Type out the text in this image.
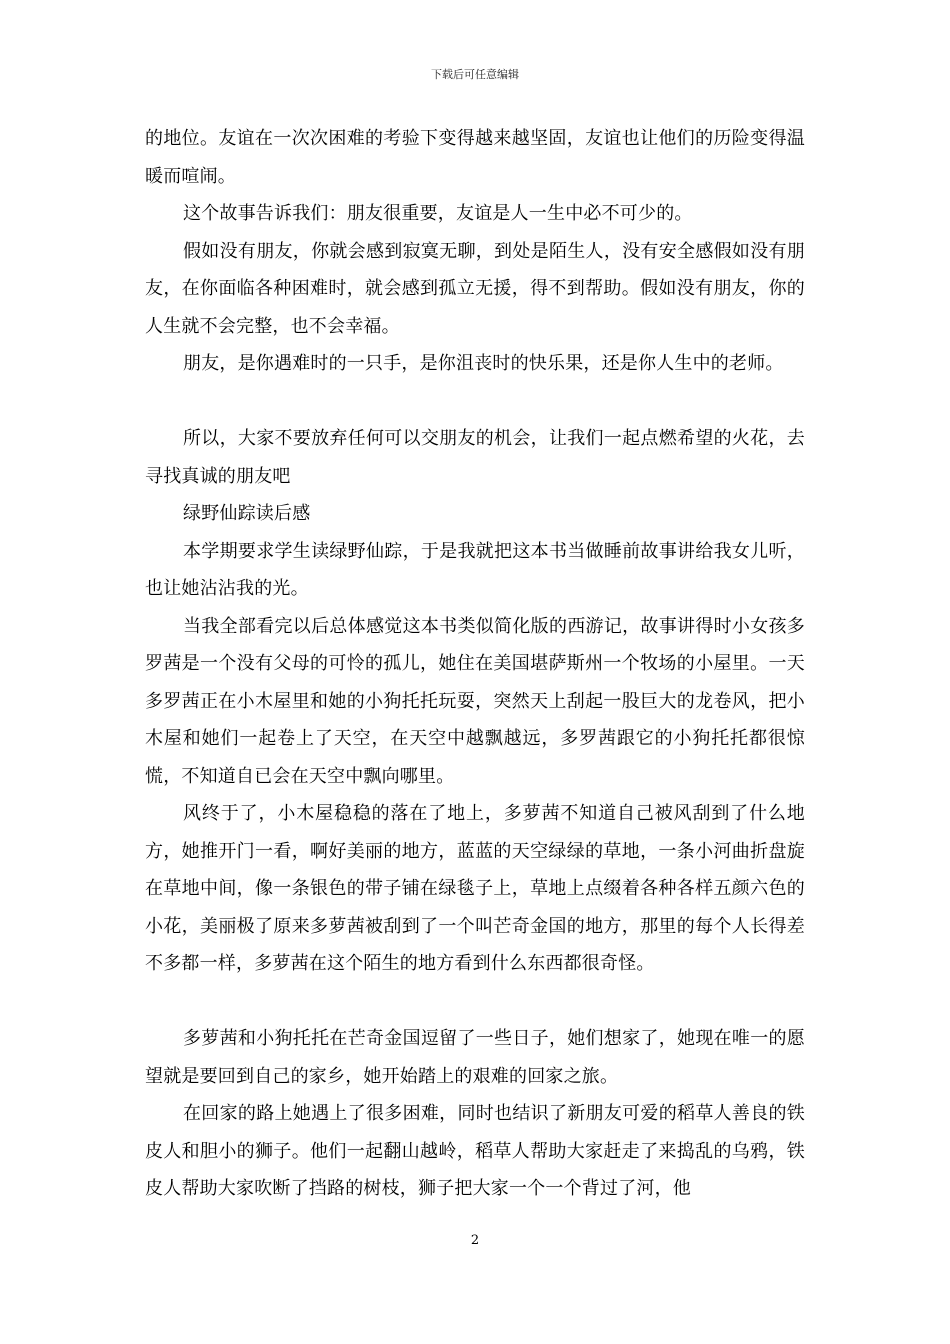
下载后可任意编辑

的地位。友谊在一次次困难的考验下变得越来越坚固，友谊也让他们的历险变得温暖而喧闹。

这个故事告诉我们：朋友很重要，友谊是人一生中必不可少的。

假如没有朋友，你就会感到寂寞无聊，到处是陌生人，没有安全感假如没有朋友，在你面临各种困难时，就会感到孤立无援，得不到帮助。假如没有朋友，你的人生就不会完整，也不会幸福。

朋友，是你遇难时的一只手，是你沮丧时的快乐果，还是你人生中的老师。

所以，大家不要放弃任何可以交朋友的机会，让我们一起点燃希望的火花，去寻找真诚的朋友吧

绿野仙踪读后感

本学期要求学生读绿野仙踪，于是我就把这本书当做睡前故事讲给我女儿听，也让她沾沾我的光。

当我全部看完以后总体感觉这本书类似简化版的西游记，故事讲得时小女孩多罗茜是一个没有父母的可怜的孤儿，她住在美国堪萨斯州一个牧场的小屋里。一天多罗茜正在小木屋里和她的小狗托托玩耍，突然天上刮起一股巨大的龙卷风，把小木屋和她们一起卷上了天空，在天空中越飘越远，多罗茜跟它的小狗托托都很惊慌，不知道自已会在天空中飘向哪里。

风终于了，小木屋稳稳的落在了地上，多萝茜不知道自己被风刮到了什么地方，她推开门一看，啊好美丽的地方，蓝蓝的天空绿绿的草地，一条小河曲折盘旋在草地中间，像一条银色的带子铺在绿毯子上，草地上点缀着各种各样五颜六色的小花，美丽极了原来多萝茜被刮到了一个叫芒奇金国的地方，那里的每个人长得差不多都一样，多萝茜在这个陌生的地方看到什么东西都很奇怪。

多萝茜和小狗托托在芒奇金国逗留了一些日子，她们想家了，她现在唯一的愿望就是要回到自己的家乡，她开始踏上的艰难的回家之旅。

在回家的路上她遇上了很多困难，同时也结识了新朋友可爱的稻草人善良的铁皮人和胆小的狮子。他们一起翻山越岭，稻草人帮助大家赶走了来捣乱的乌鸦，铁皮人帮助大家吹断了挡路的树枝，狮子把大家一个一个背过了河，他

2
